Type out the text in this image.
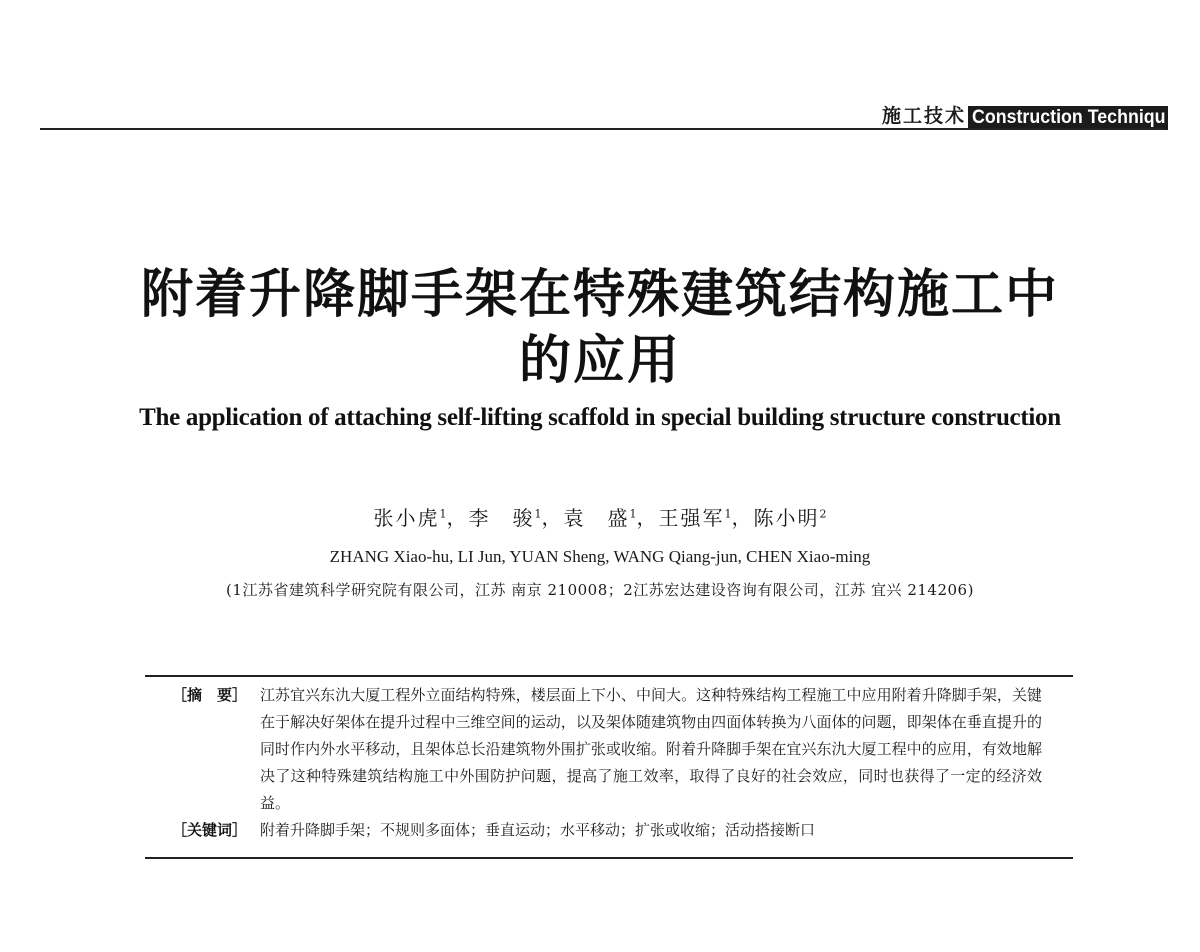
施工技术 Construction Techniqu
附着升降脚手架在特殊建筑结构施工中
的应用
The application of attaching self-lifting scaffold in special building structure construction
张小虎$^1$，李　骏$^1$，袁　盛$^1$，王强军$^1$，陈小明$^2$
ZHANG Xiao-hu, LI Jun, YUAN Sheng, WANG Qiang-jun, CHEN Xiao-ming
(1江苏省建筑科学研究院有限公司，江苏 南京 210008；2江苏宏达建设咨询有限公司，江苏 宜兴 214206)
［摘　要］ 江苏宜兴东氿大厦工程外立面结构特殊，楼层面上下小、中间大。这种特殊结构工程施工中应用附着升降脚手架，关键在于解决好架体在提升过程中三维空间的运动，以及架体随建筑物由四面体转换为八面体的问题，即架体在垂直提升的同时作内外水平移动，且架体总长沿建筑物外围扩张或收缩。附着升降脚手架在宜兴东氿大厦工程中的应用，有效地解决了这种特殊建筑结构施工中外围防护问题，提高了施工效率，取得了良好的社会效应，同时也获得了一定的经济效益。
［关键词］ 附着升降脚手架；不规则多面体；垂直运动；水平移动；扩张或收缩；活动搭接断口
